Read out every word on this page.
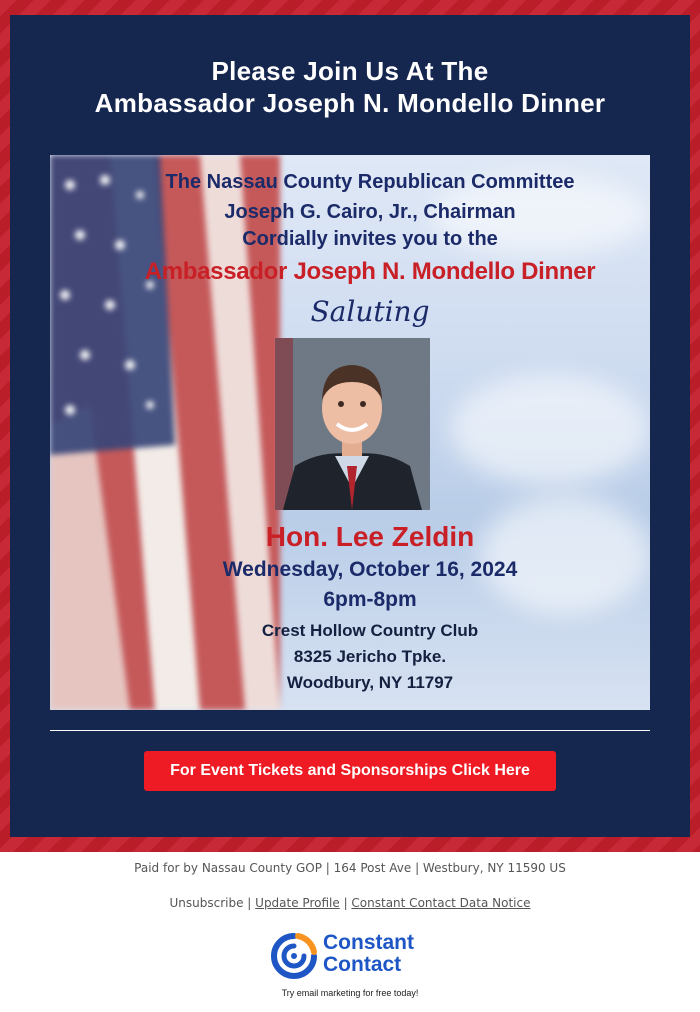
Please Join Us At The
Ambassador Joseph N. Mondello Dinner
The Nassau County Republican Committee
Joseph G. Cairo, Jr., Chairman
Cordially invites you to the
Ambassador Joseph N. Mondello Dinner
Saluting
Hon. Lee Zeldin
Wednesday, October 16, 2024
6pm-8pm
Crest Hollow Country Club
8325 Jericho Tpke.
Woodbury, NY 11797
For Event Tickets and Sponsorships Click Here
Paid for by Nassau County GOP | 164 Post Ave | Westbury, NY 11590 US
Unsubscribe | Update Profile | Constant Contact Data Notice
Constant
Contact
Try email marketing for free today!
